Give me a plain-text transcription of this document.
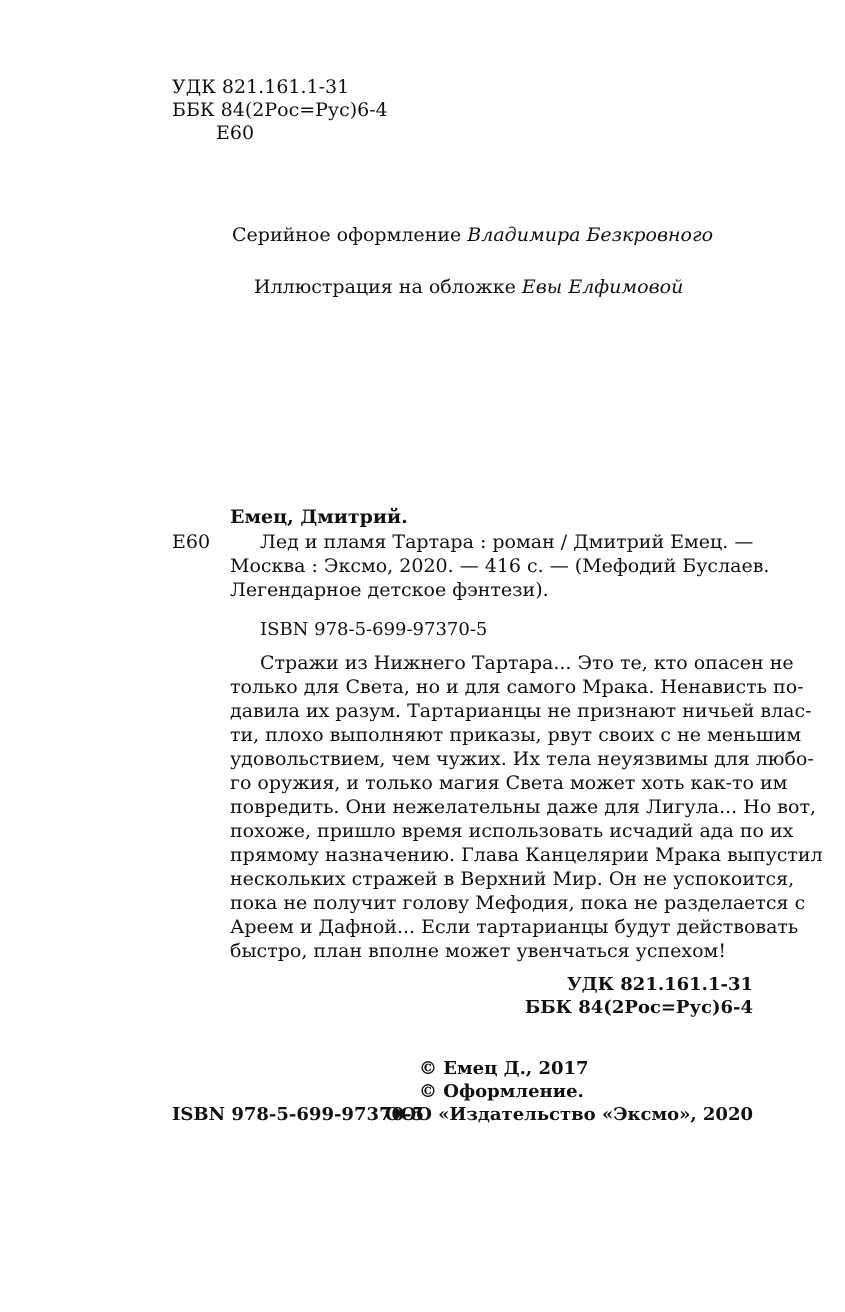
УДК 821.161.1-31
ББК 84(2Рос=Рус)6-4
Е60
Серийное оформление Владимира Безкровного
Иллюстрация на обложке Евы Елфимовой
Емец, Дмитрий.
Е60	Лед и пламя Тартара : роман / Дмитрий Емец. —
Москва : Эксмо, 2020. — 416 с. — (Мефодий Буслаев.
Легендарное детское фэнтези).
ISBN 978-5-699-97370-5
Стражи из Нижнего Тартара... Это те, кто опасен не
только для Света, но и для самого Мрака. Ненависть по-
давила их разум. Тартарианцы не признают ничьей влас-
ти, плохо выполняют приказы, рвут своих с не меньшим
удовольствием, чем чужих. Их тела неуязвимы для любо-
го оружия, и только магия Света может хоть как-то им
повредить. Они нежелательны даже для Лигула... Но вот,
похоже, пришло время использовать исчадий ада по их
прямому назначению. Глава Канцелярии Мрака выпустил
нескольких стражей в Верхний Мир. Он не успокоится,
пока не получит голову Мефодия, пока не разделается с
Ареем и Дафной... Если тартарианцы будут действовать
быстро, план вполне может увенчаться успехом!
УДК 821.161.1-31
ББК 84(2Рос=Рус)6-4
© Емец Д., 2017
© Оформление.
ISBN 978-5-699-97370-5
ООО «Издательство «Эксмо», 2020
